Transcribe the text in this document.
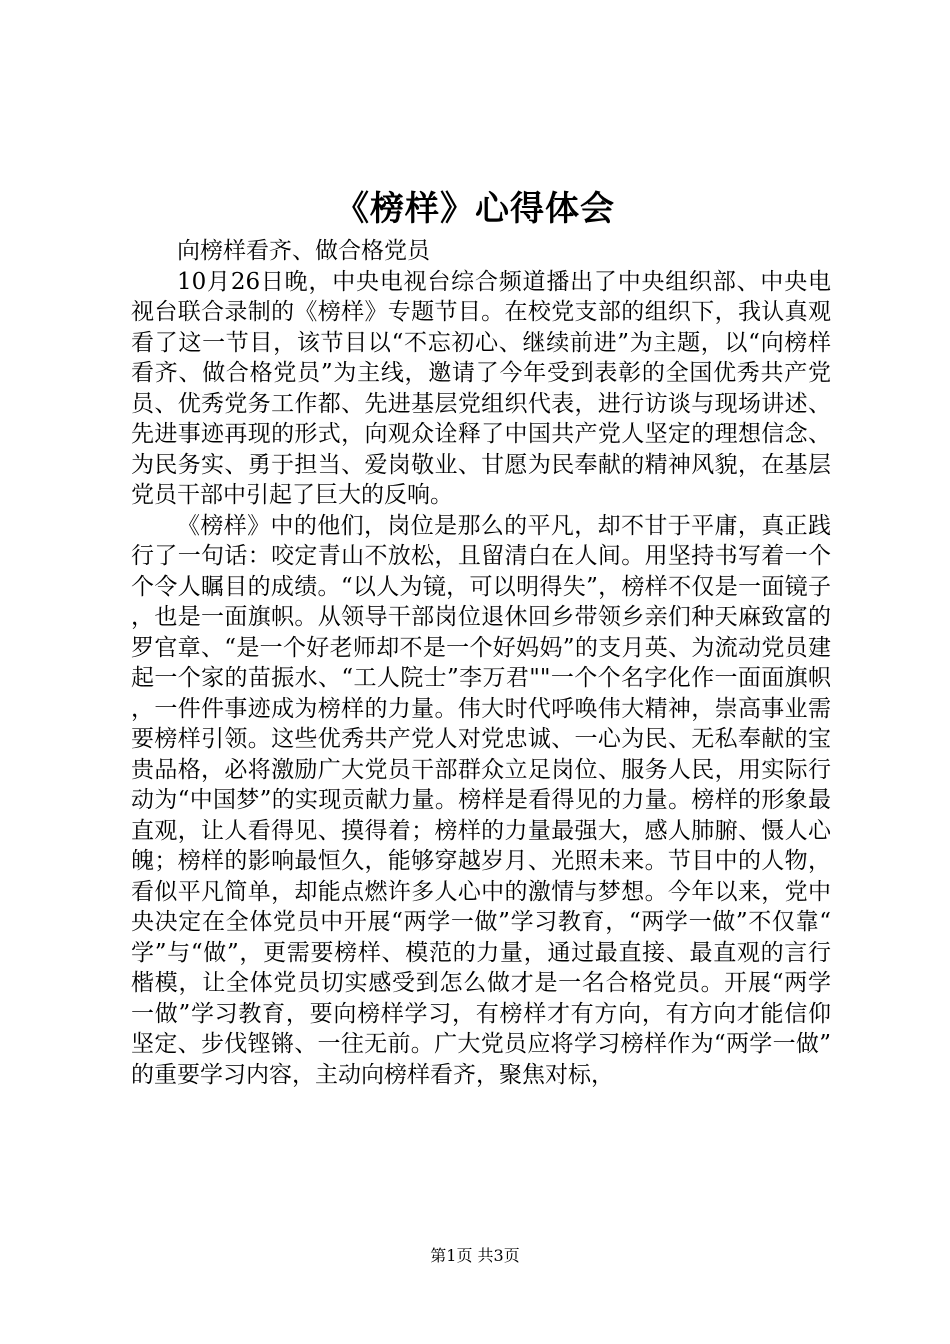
《榜样》心得体会

向榜样看齐、做合格党员

10月26日晚，中央电视台综合频道播出了中央组织部、中央电视台联合录制的《榜样》专题节目。在校党支部的组织下，我认真观看了这一节目，该节目以“不忘初心、继续前进”为主题，以“向榜样看齐、做合格党员”为主线，邀请了今年受到表彰的全国优秀共产党员、优秀党务工作都、先进基层党组织代表，进行访谈与现场讲述、先进事迹再现的形式，向观众诠释了中国共产党人坚定的理想信念、为民务实、勇于担当、爱岗敬业、甘愿为民奉献的精神风貌，在基层党员干部中引起了巨大的反响。

《榜样》中的他们，岗位是那么的平凡，却不甘于平庸，真正践行了一句话：咬定青山不放松，且留清白在人间。用坚持书写着一个个令人瞩目的成绩。“以人为镜，可以明得失”，榜样不仅是一面镜子，也是一面旗帜。从领导干部岗位退休回乡带领乡亲们种天麻致富的罗官章、“是一个好老师却不是一个好妈妈”的支月英、为流动党员建起一个家的苗振水、“工人院士”李万君""一个个名字化作一面面旗帜，一件件事迹成为榜样的力量。伟大时代呼唤伟大精神，崇高事业需要榜样引领。这些优秀共产党人对党忠诚、一心为民、无私奉献的宝贵品格，必将激励广大党员干部群众立足岗位、服务人民，用实际行动为“中国梦”的实现贡献力量。榜样是看得见的力量。榜样的形象最直观，让人看得见、摸得着；榜样的力量最强大，感人肺腑、慑人心魄；榜样的影响最恒久，能够穿越岁月、光照未来。节目中的人物，看似平凡简单，却能点燃许多人心中的激情与梦想。今年以来，党中央决定在全体党员中开展“两学一做”学习教育，“两学一做”不仅靠“学”与“做”，更需要榜样、模范的力量，通过最直接、最直观的言行楷模，让全体党员切实感受到怎么做才是一名合格党员。开展“两学一做”学习教育，要向榜样学习，有榜样才有方向，有方向才能信仰坚定、步伐铿锵、一往无前。广大党员应将学习榜样作为“两学一做”的重要学习内容，主动向榜样看齐，聚焦对标，

第1页 共3页
